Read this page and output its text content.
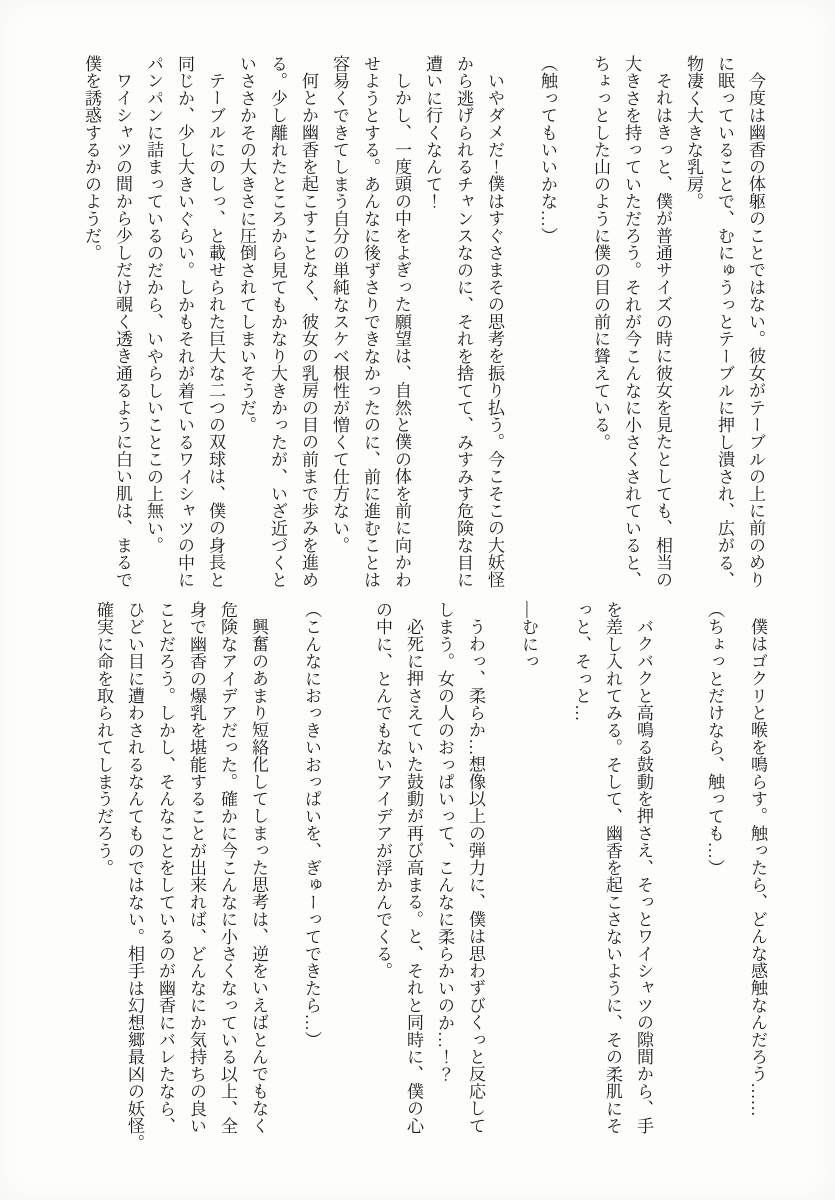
今度は幽香の体躯のことではない。彼女がテーブルの上に前のめり
に眠っていることで、むにゅうっとテーブルに押し潰され、広がる、
物凄く大きな乳房。
それはきっと、僕が普通サイズの時に彼女を見たとしても、相当の
大きさを持っていただろう。それが今こんなに小さくされていると、
ちょっとした山のように僕の目の前に聳えている。
（触ってもいいかな…）
いやダメだ！僕はすぐさまその思考を振り払う。今こそこの大妖怪
から逃げられるチャンスなのに、それを捨てて、みすみす危険な目に
遭いに行くなんて！
しかし、一度頭の中をよぎった願望は、自然と僕の体を前に向かわ
せようとする。あんなに後ずさりできなかったのに、前に進むことは
容易くできてしまう自分の単純なスケベ根性が憎くて仕方ない。
何とか幽香を起こすことなく、彼女の乳房の目の前まで歩みを進め
る。少し離れたところから見てもかなり大きかったが、いざ近づくと
いささかその大きさに圧倒されてしまいそうだ。
テーブルにのしっ、と載せられた巨大な二つの双球は、僕の身長と
同じか、少し大きいぐらい。しかもそれが着ているワイシャツの中に
パンパンに詰まっているのだから、いやらしいことこの上無い。
ワイシャツの間から少しだけ覗く透き通るように白い肌は、まるで
僕を誘惑するかのようだ。
僕はゴクリと喉を鳴らす。触ったら、どんな感触なんだろう……
（ちょっとだけなら、触っても…）
バクバクと高鳴る鼓動を押さえ、そっとワイシャツの隙間から、手
を差し入れてみる。そして、幽香を起こさないように、その柔肌にそ
っと、そっと…
―むにっ
うわっ、柔らか…想像以上の弾力に、僕は思わずびくっと反応して
しまう。女の人のおっぱいって、こんなに柔らかいのか…！？
必死に押さえていた鼓動が再び高まる。と、それと同時に、僕の心
の中に、とんでもないアイデアが浮かんでくる。
（こんなにおっきいおっぱいを、ぎゅーってできたら…）
興奮のあまり短絡化してしまった思考は、逆をいえばとんでもなく
危険なアイデアだった。確かに今こんなに小さくなっている以上、全
身で幽香の爆乳を堪能することが出来れば、どんなにか気持ちの良い
ことだろう。しかし、そんなことをしているのが幽香にバレたなら、
ひどい目に遭わされるなんてものではない。相手は幻想郷最凶の妖怪。
確実に命を取られてしまうだろう。
